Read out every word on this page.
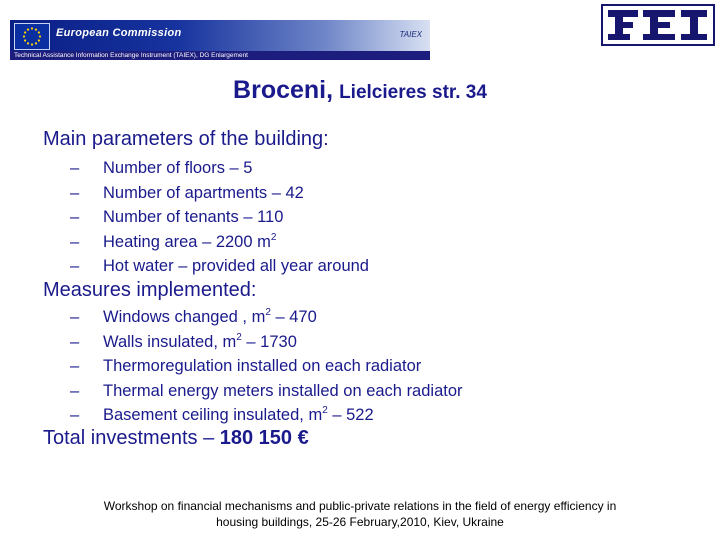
European Commission	TAIEX
Technical Assistance Information Exchange Instrument (TAIEX), DG Enlargement
Broceni, Lielcieres str. 34
Main parameters of the building:
– Number of floors – 5
– Number of apartments – 42
– Number of tenants – 110
– Heating area – 2200 $m^2$
– Hot water – provided all year around
Measures implemented:
– Windows changed , $m^2 - 470$
– Walls insulated, $m^2 - 1730$
– Thermoregulation installed on each radiator
– Thermal energy meters installed on each radiator
– Basement ceiling insulated, $m^2 - 522$
Total investments – 180 150 €
Workshop on financial mechanisms and public-private relations in the field of energy efficiency in
housing buildings, 25-26 February,2010, Kiev, Ukraine
